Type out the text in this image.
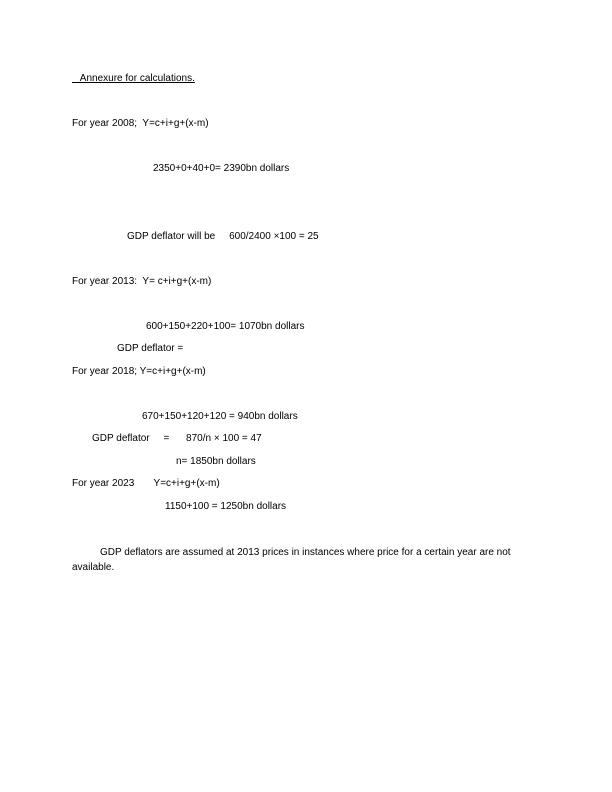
Annexure for calculations.
For year 2008;  Y=c+i+g+(x-m)
2350+0+40+0= 2390bn dollars
GDP deflator will be     600/2400 ×100 = 25
For year 2013:  Y= c+i+g+(x-m)
600+150+220+100= 1070bn dollars
GDP deflator =
For year 2018; Y=c+i+g+(x-m)
670+150+120+120 = 940bn dollars
GDP deflator     =      870/n × 100 = 47
n= 1850bn dollars
For year 2023       Y=c+i+g+(x-m)
1150+100 = 1250bn dollars
GDP deflators are assumed at 2013 prices in instances where price for a certain year are not available.
